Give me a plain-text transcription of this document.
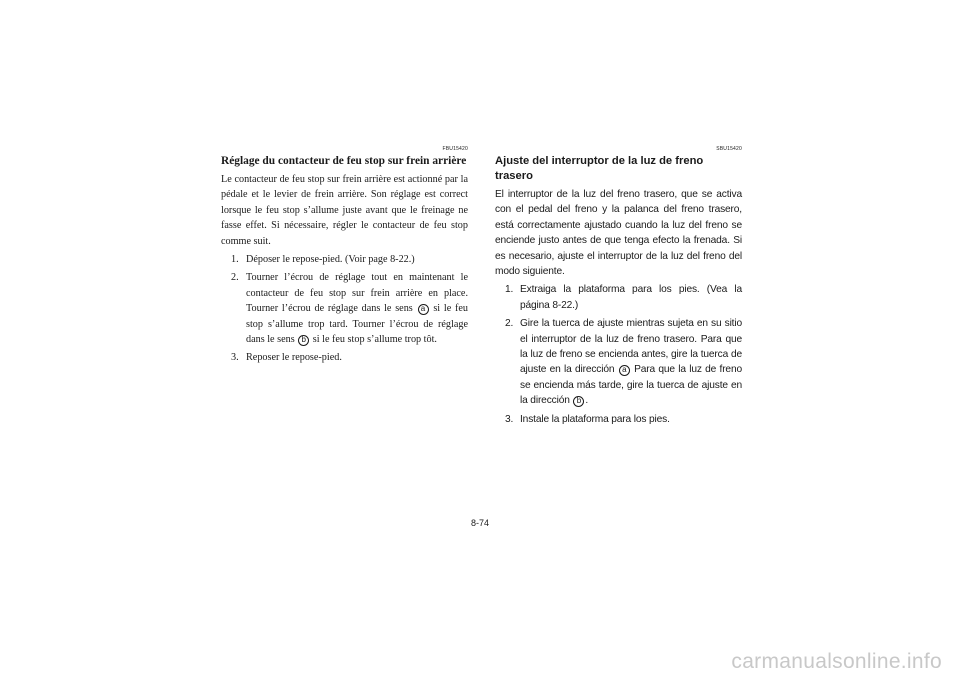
FBU15420
Réglage du contacteur de feu stop sur frein arrière
Le contacteur de feu stop sur frein arrière est actionné par la pédale et le levier de frein arrière. Son réglage est correct lorsque le feu stop s’allume juste avant que le freinage ne fasse effet. Si nécessaire, régler le contacteur de feu stop comme suit.
1. Déposer le repose-pied. (Voir page 8-22.)
2. Tourner l’écrou de réglage tout en maintenant le contacteur de feu stop sur frein arrière en place. Tourner l’écrou de réglage dans le sens a si le feu stop s’allume trop tard. Tourner l’écrou de réglage dans le sens b si le feu stop s’allume trop tôt.
3. Reposer le repose-pied.
SBU15420
Ajuste del interruptor de la luz de freno trasero
El interruptor de la luz del freno trasero, que se activa con el pedal del freno y la palanca del freno trasero, está correctamente ajustado cuando la luz del freno se enciende justo antes de que tenga efecto la frenada. Si es necesario, ajuste el interruptor de la luz del freno del modo siguiente.
1. Extraiga la plataforma para los pies. (Vea la página 8-22.)
2. Gire la tuerca de ajuste mientras sujeta en su sitio el interruptor de la luz de freno trasero. Para que la luz de freno se encienda antes, gire la tuerca de ajuste en la dirección a Para que la luz de freno se encienda más tarde, gire la tuerca de ajuste en la dirección b .
3. Instale la plataforma para los pies.
8-74
carmanualsonline.info
